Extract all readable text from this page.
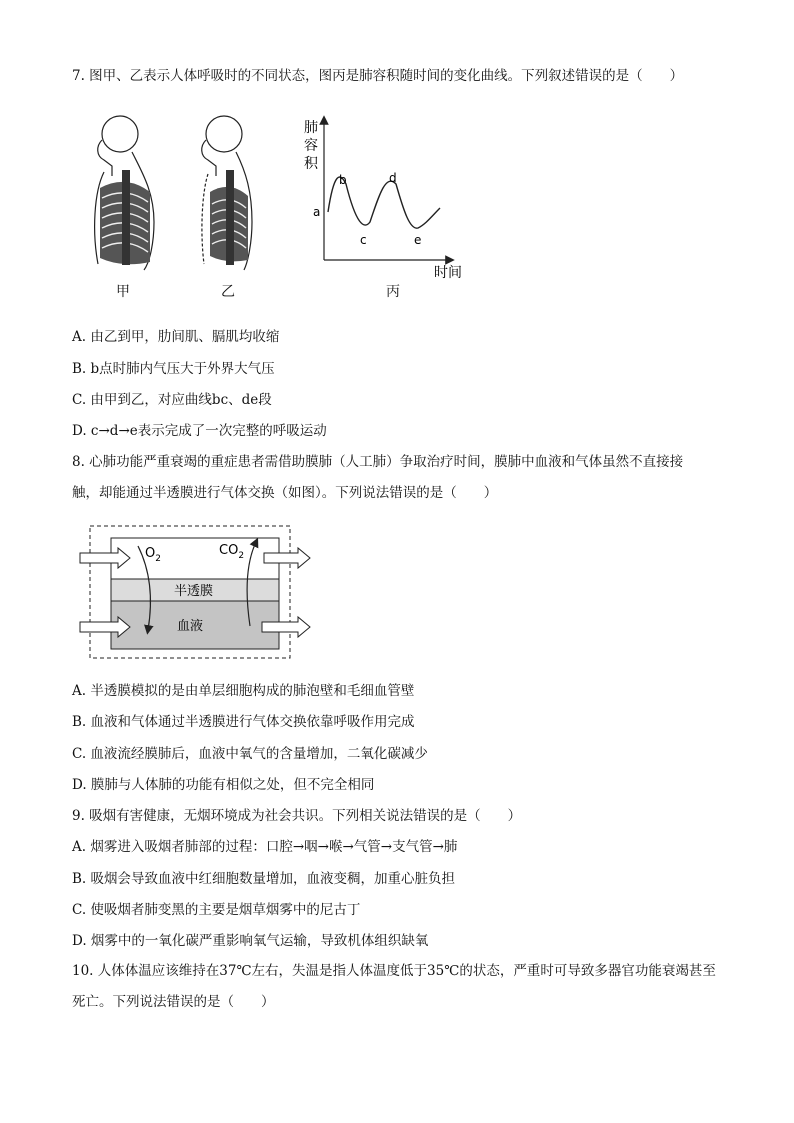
7. 图甲、乙表示人体呼吸时的不同状态，图丙是肺容积随时间的变化曲线。下列叙述错误的是（　　）
甲	乙
肺
容
积
a
b
c
d
e
时间
丙
A. 由乙到甲，肋间肌、膈肌均收缩
B. b点时肺内气压大于外界大气压
C. 由甲到乙，对应曲线bc、de段
D. c→d→e表示完成了一次完整的呼吸运动
8. 心肺功能严重衰竭的重症患者需借助膜肺（人工肺）争取治疗时间，膜肺中血液和气体虽然不直接接
触，却能通过半透膜进行气体交换（如图）。下列说法错误的是（　　）
半透膜
血液
$O_2$
$CO_2$
A. 半透膜模拟的是由单层细胞构成的肺泡壁和毛细血管壁
B. 血液和气体通过半透膜进行气体交换依靠呼吸作用完成
C. 血液流经膜肺后，血液中氧气的含量增加，二氧化碳减少
D. 膜肺与人体肺的功能有相似之处，但不完全相同
9. 吸烟有害健康，无烟环境成为社会共识。下列相关说法错误的是（　　）
A. 烟雾进入吸烟者肺部的过程：口腔→咽→喉→气管→支气管→肺
B. 吸烟会导致血液中红细胞数量增加，血液变稠，加重心脏负担
C. 使吸烟者肺变黑的主要是烟草烟雾中的尼古丁
D. 烟雾中的一氧化碳严重影响氧气运输，导致机体组织缺氧
10. 人体体温应该维持在37℃左右，失温是指人体温度低于35℃的状态，严重时可导致多器官功能衰竭甚至死亡。下列说法错误的是（　　）
